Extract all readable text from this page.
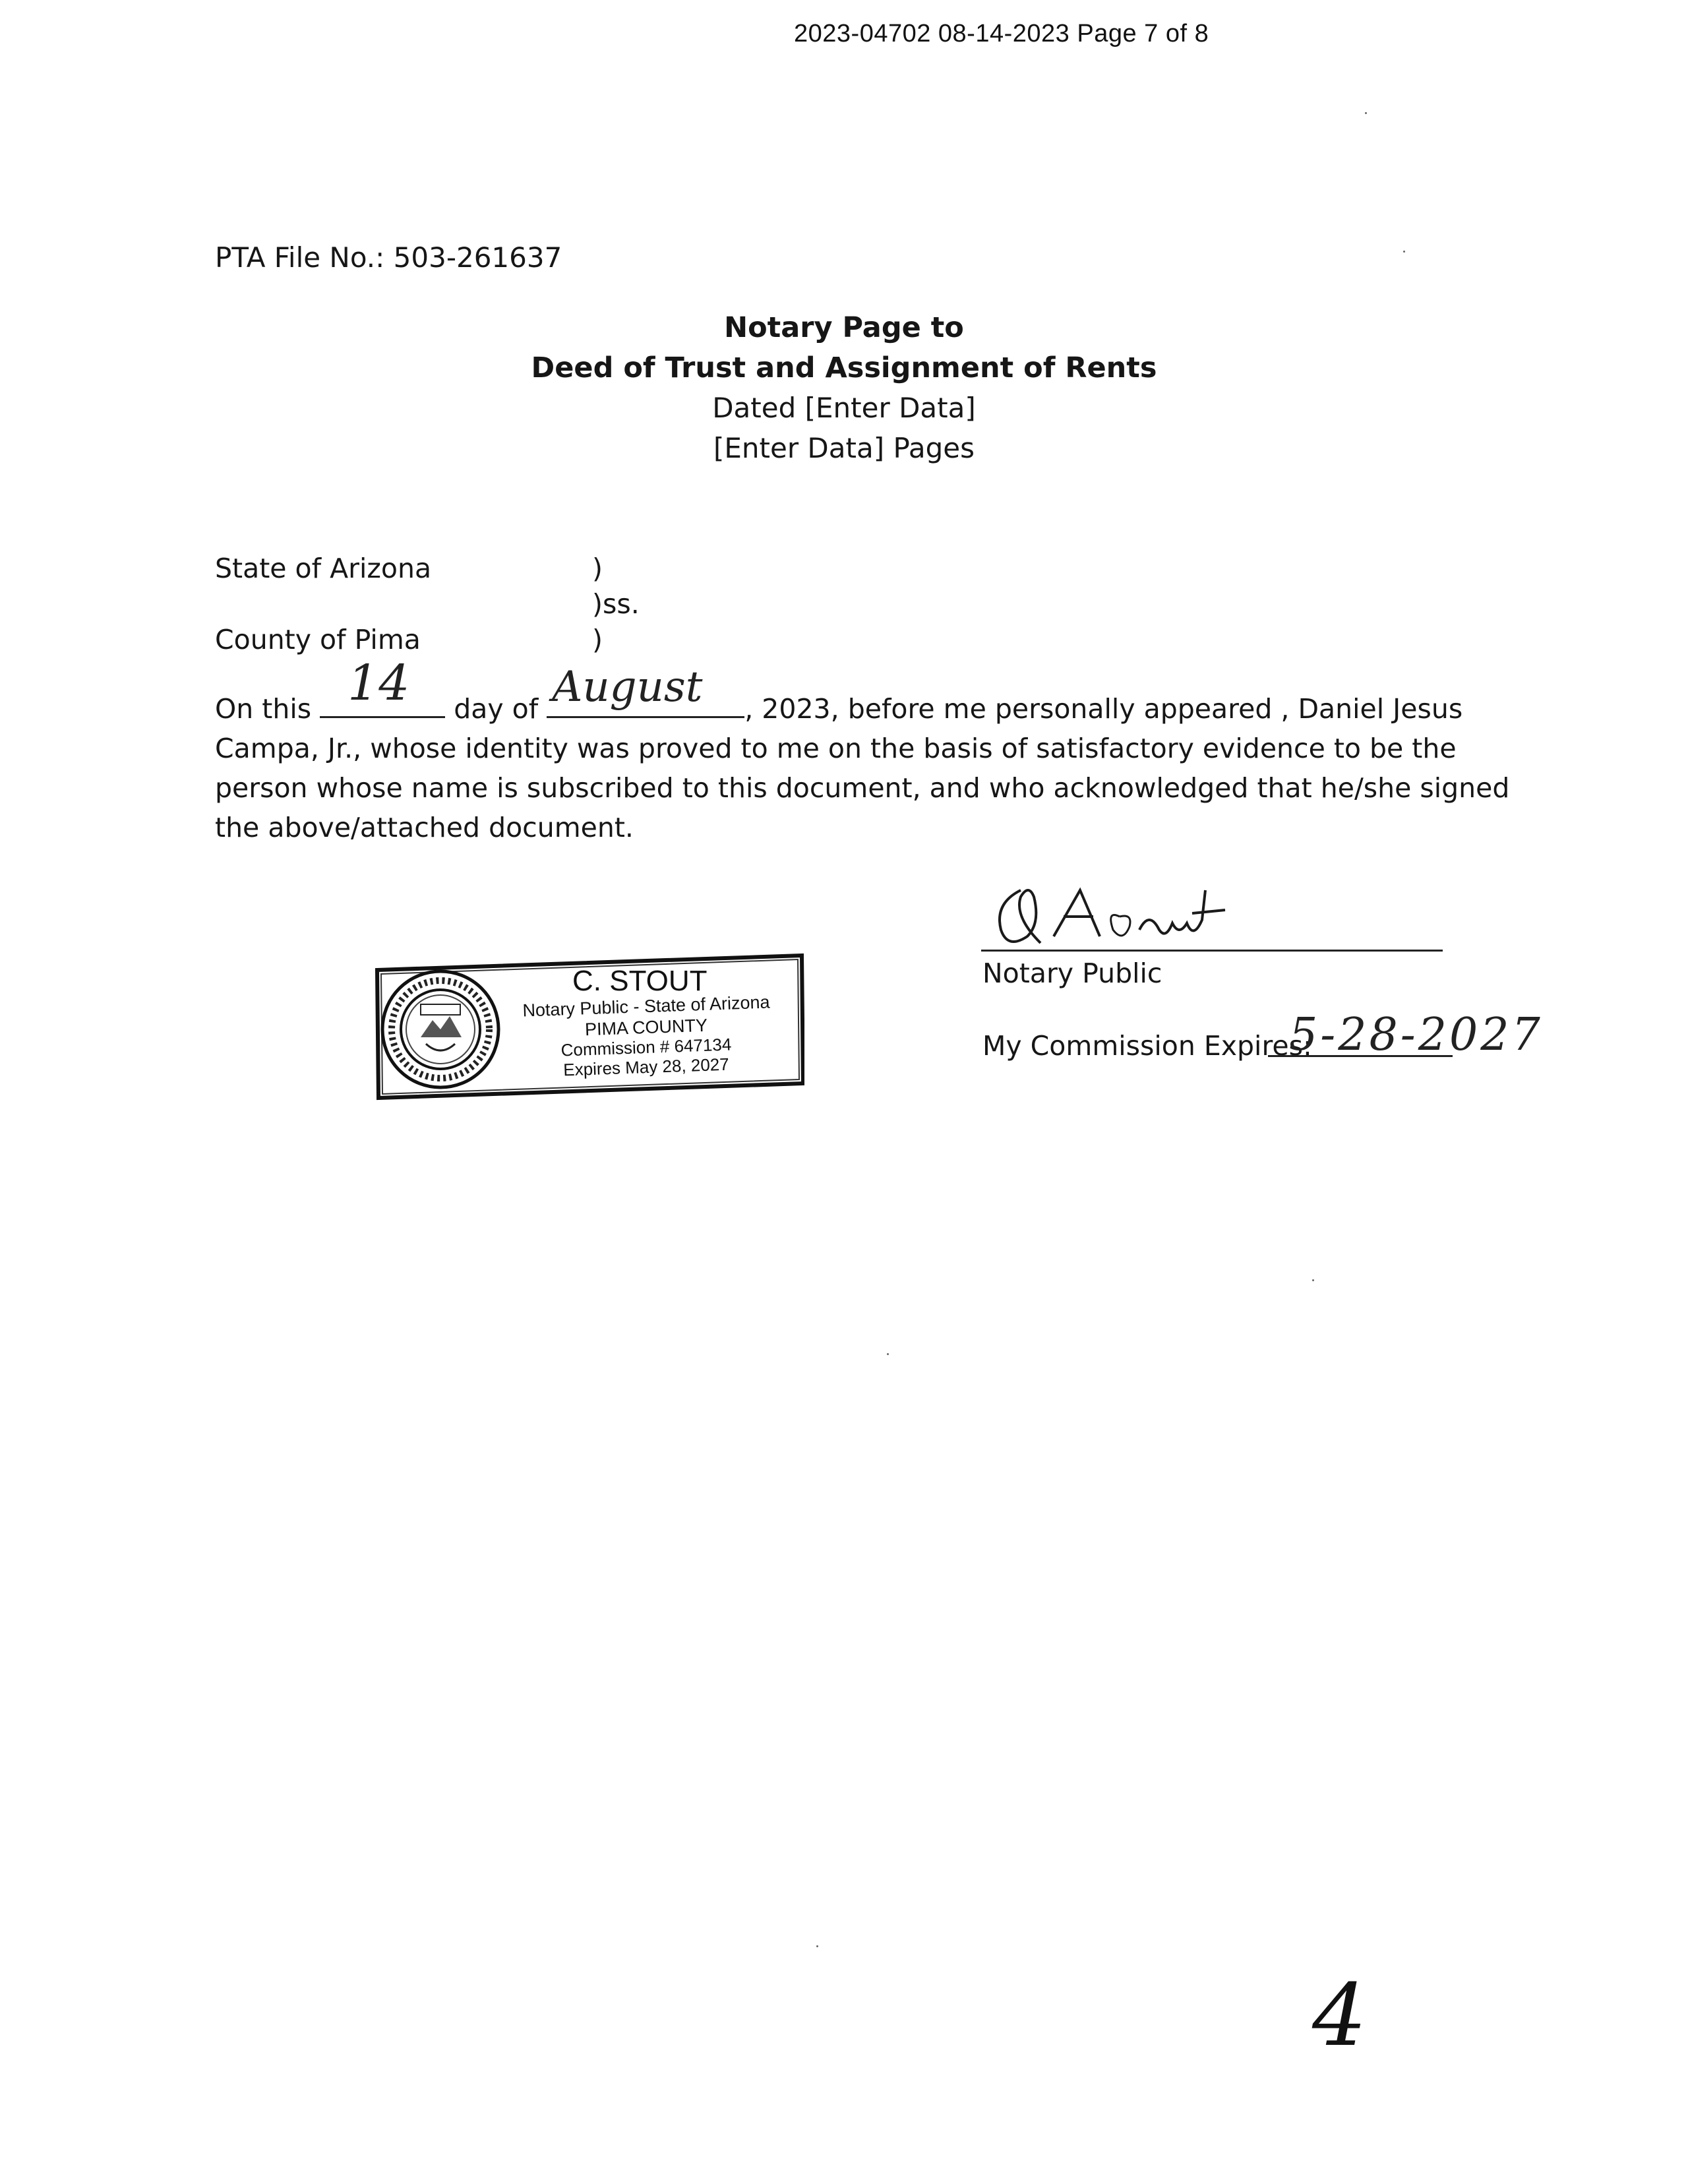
2023-04702 08-14-2023 Page 7 of 8
PTA File No.: 503-261637
Notary Page to
Deed of Trust and Assignment of Rents
Dated [Enter Data]
[Enter Data] Pages
State of Arizona	)
)ss.
County of Pima	)
On this 14 day of August , 2023, before me personally appeared , Daniel Jesus
Campa, Jr., whose identity was proved to me on the basis of satisfactory evidence to be the
person whose name is subscribed to this document, and who acknowledged that he/she signed
the above/attached document.
C. STOUT
Notary Public - State of Arizona
PIMA COUNTY
Commission # 647134
Expires May 28, 2027
Notary Public
My Commission Expires:
5-28-2027
4
